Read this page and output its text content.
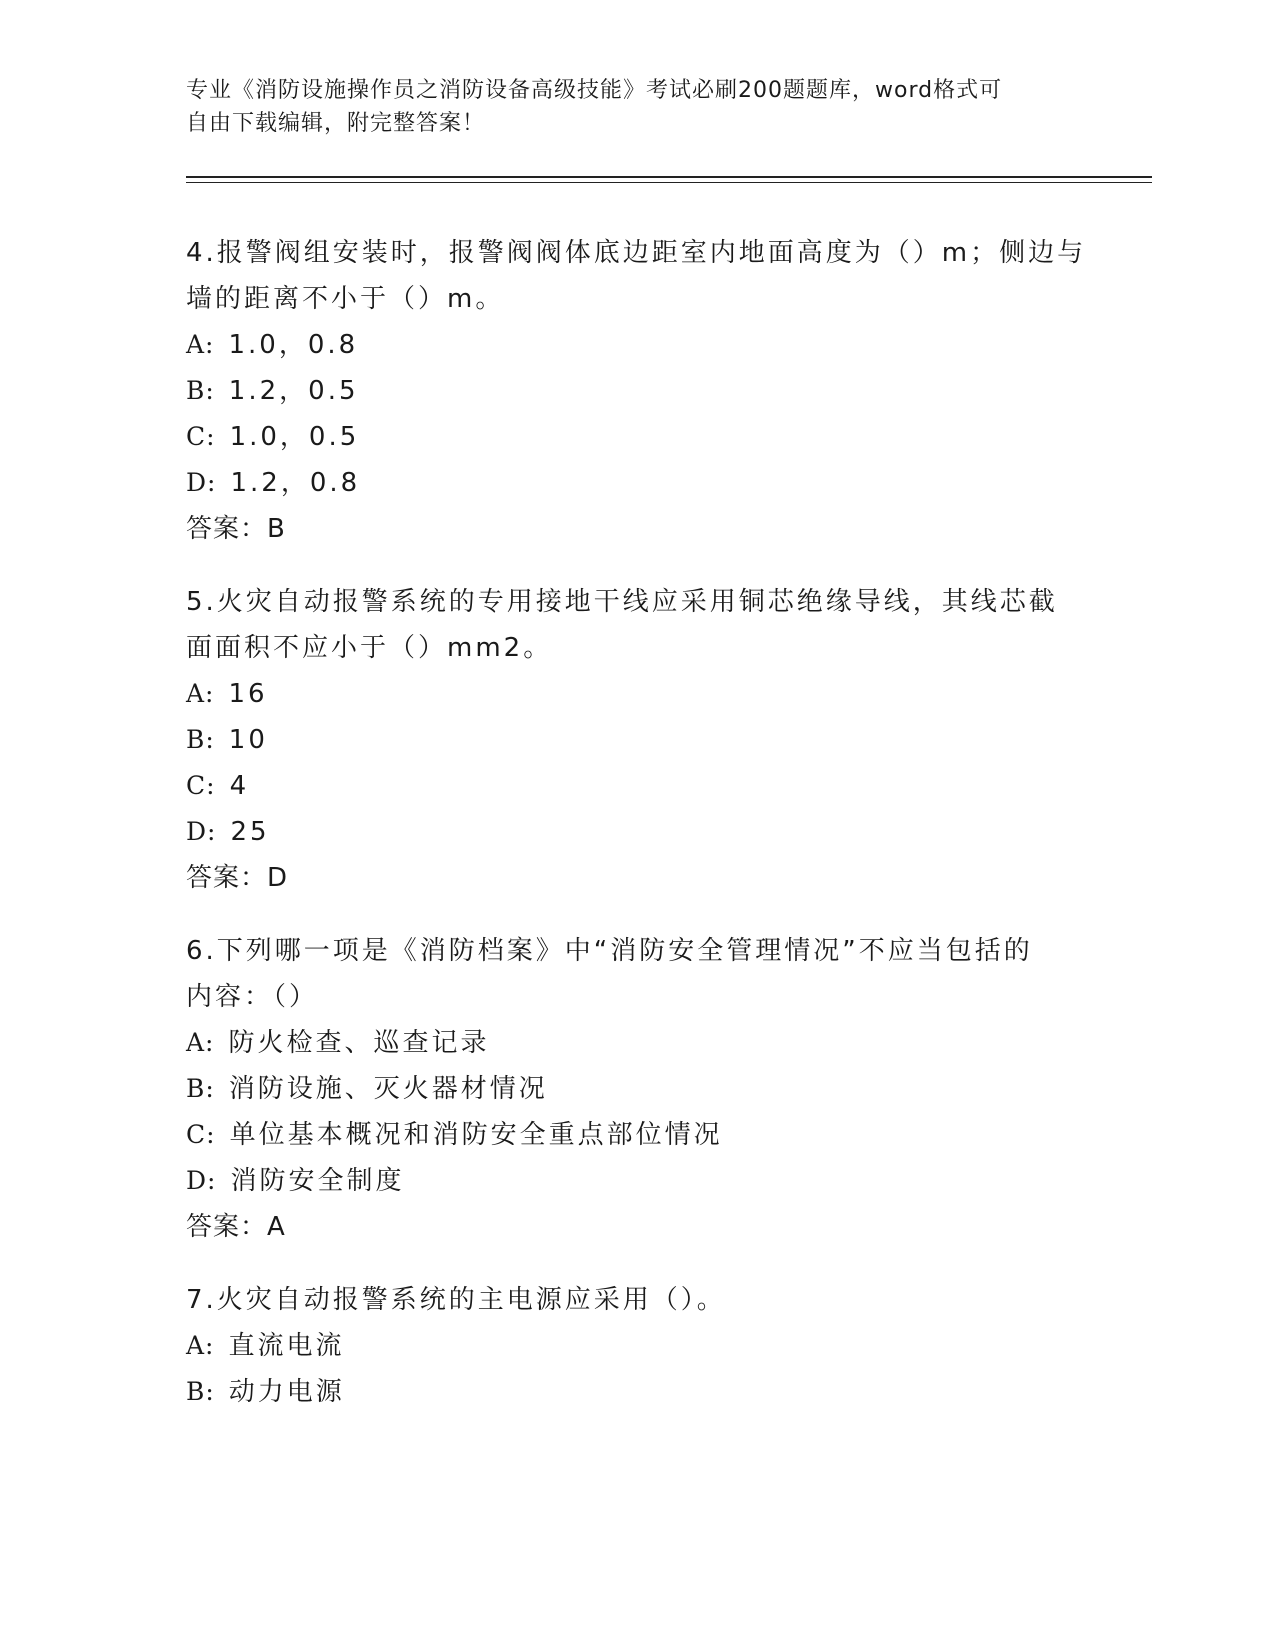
专业《消防设施操作员之消防设备高级技能》考试必刷200题题库，word格式可
自由下载编辑，附完整答案！
4.报警阀组安装时，报警阀阀体底边距室内地面高度为（）m；侧边与
墙的距离不小于（）m。
A: 1.0，0.8
B: 1.2，0.5
C: 1.0，0.5
D: 1.2，0.8
答案：B
5.火灾自动报警系统的专用接地干线应采用铜芯绝缘导线，其线芯截
面面积不应小于（）mm2。
A: 16
B: 10
C: 4
D: 25
答案：D
6.下列哪一项是《消防档案》中“消防安全管理情况”不应当包括的
内容：（）
A: 防火检查、巡查记录
B: 消防设施、灭火器材情况
C: 单位基本概况和消防安全重点部位情况
D: 消防安全制度
答案：A
7.火灾自动报警系统的主电源应采用（）。
A: 直流电流
B: 动力电源
